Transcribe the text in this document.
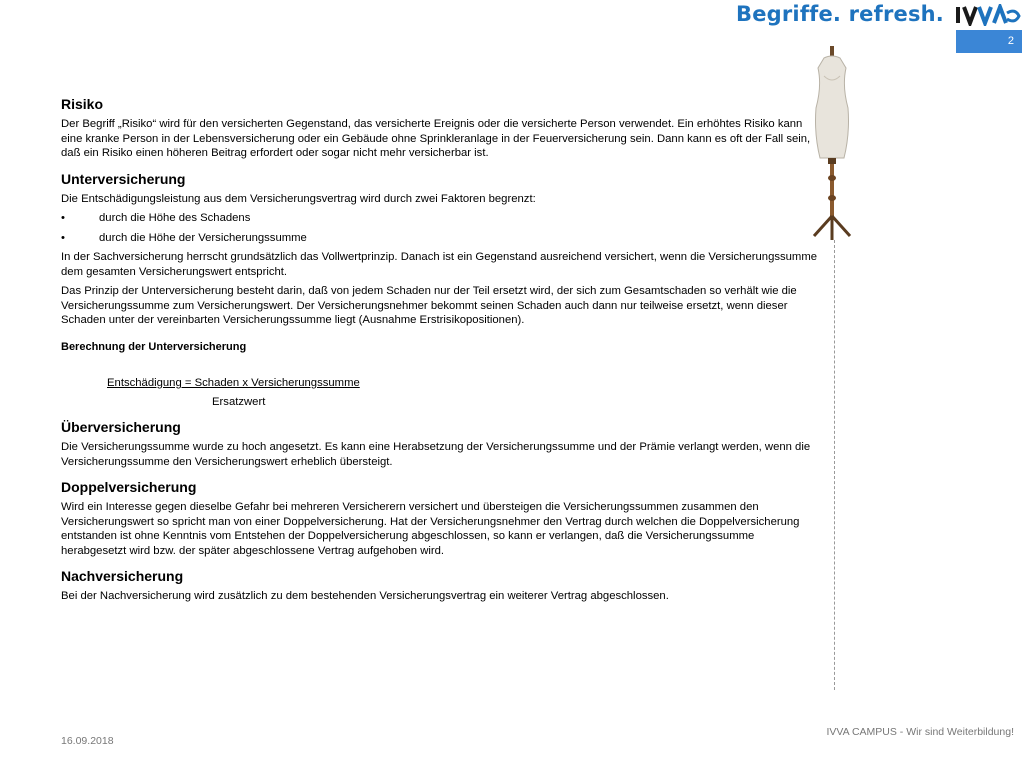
Begriffe. refresh.
2
Risiko

Der Begriff „Risiko“ wird für den versicherten Gegenstand, das versicherte Ereignis oder die versicherte Person verwendet. Ein erhöhtes Risiko kann eine kranke Person in der Lebensversicherung oder ein Gebäude ohne Sprinkleranlage in der Feuerversicherung sein. Dann kann es oft der Fall sein, daß ein Risiko einen höheren Beitrag erfordert oder sogar nicht mehr versicherbar ist.

Unterversicherung

Die Entschädigungsleistung aus dem Versicherungsvertrag wird durch zwei Faktoren begrenzt:

•	durch die Höhe des Schadens
•	durch die Höhe der Versicherungssumme

In der Sachversicherung herrscht grundsätzlich das Vollwertprinzip. Danach ist ein Gegenstand ausreichend versichert, wenn die Versicherungssumme dem gesamten Versicherungswert entspricht.

Das Prinzip der Unterversicherung besteht darin, daß von jedem Schaden nur der Teil ersetzt wird, der sich zum Gesamtschaden so verhält wie die Versicherungssumme zum Versicherungswert. Der Versicherungsnehmer bekommt seinen Schaden auch dann nur teilweise ersetzt, wenn dieser Schaden unter der vereinbarten Versicherungssumme liegt (Ausnahme Erstrisikopositionen).

Berechnung der Unterversicherung
Entschädigung = Schaden x Versicherungssumme
Ersatzwert
Überversicherung

Die Versicherungssumme wurde zu hoch angesetzt. Es kann eine Herabsetzung der Versicherungssumme und der Prämie verlangt werden, wenn die Versicherungssumme den Versicherungswert erheblich übersteigt.

Doppelversicherung

Wird ein Interesse gegen dieselbe Gefahr bei mehreren Versicherern versichert und übersteigen die Versicherungssummen zusammen den Versicherungswert so spricht man von einer Doppelversicherung. Hat der Versicherungsnehmer den Vertrag durch welchen die Doppelversicherung entstanden ist ohne Kenntnis vom Entstehen der Doppelversicherung abgeschlossen, so kann er verlangen, daß die Versicherungssumme herabgesetzt wird bzw. der später abgeschlossene Vertrag aufgehoben wird.

Nachversicherung

Bei der Nachversicherung wird zusätzlich zu dem bestehenden Versicherungsvertrag ein weiterer Vertrag abgeschlossen.

16.09.2018
IVVA CAMPUS - Wir sind Weiterbildung!
